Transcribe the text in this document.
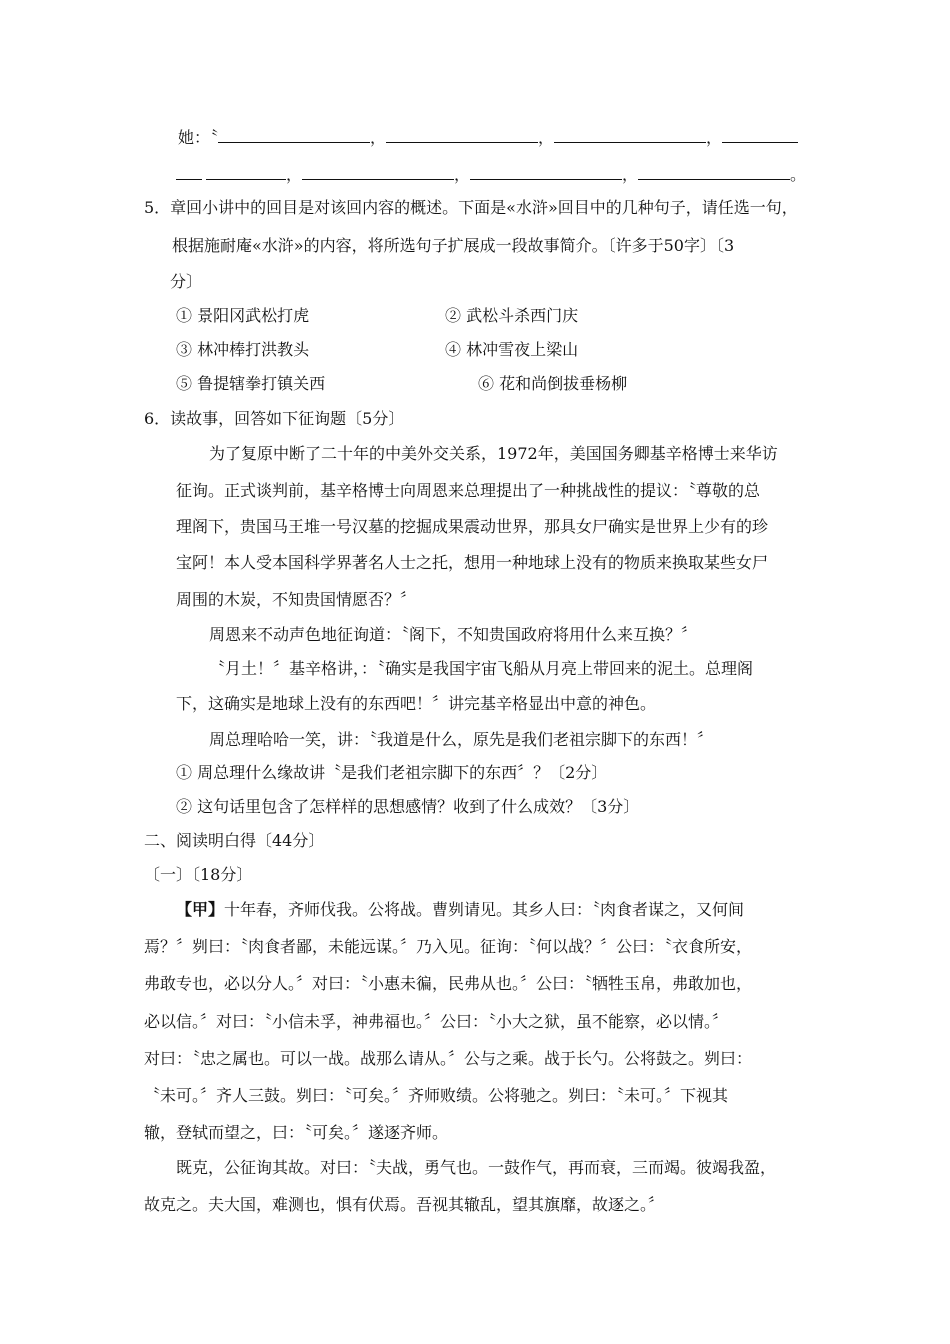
她：〝	，	，	，
，	，	，	。
5．章回小讲中的回目是对该回内容的概述。下面是«水浒»回目中的几种句子，请任选一句，
根据施耐庵«水浒»的内容，将所选句子扩展成一段故事简介。〔许多于50字〕〔3
分〕
① 景阳冈武松打虎	② 武松斗杀西门庆
③ 林冲棒打洪教头	④ 林冲雪夜上梁山
⑤ 鲁提辖拳打镇关西	⑥ 花和尚倒拔垂杨柳
6．读故事，回答如下征询题〔5分〕
为了复原中断了二十年的中美外交关系，1972年，美国国务卿基辛格博士来华访
征询。正式谈判前，基辛格博士向周恩来总理提出了一种挑战性的提议：〝尊敬的总
理阁下，贵国马王堆一号汉墓的挖掘成果震动世界，那具女尸确实是世界上少有的珍
宝阿！本人受本国科学界著名人士之托，想用一种地球上没有的物质来换取某些女尸
周围的木炭，不知贵国情愿否？〞
周恩来不动声色地征询道：〝阁下，不知贵国政府将用什么来互换？〞
〝月土！〞基辛格讲，：〝确实是我国宇宙飞船从月亮上带回来的泥土。总理阁
下，这确实是地球上没有的东西吧！〞讲完基辛格显出中意的神色。
周总理哈哈一笑，讲：〝我道是什么，原先是我们老祖宗脚下的东西！〞
① 周总理什么缘故讲〝是我们老祖宗脚下的东西〞？〔2分〕
② 这句话里包含了怎样样的思想感情？收到了什么成效？〔3分〕
二、阅读明白得〔44分〕
〔一〕〔18分〕
【甲】十年春，齐师伐我。公将战。曹刿请见。其乡人曰：〝肉食者谋之，又何间
焉？〞刿曰：〝肉食者鄙，未能远谋。〞乃入见。征询：〝何以战？〞公曰：〝衣食所安，
弗敢专也，必以分人。〞对曰：〝小惠未徧，民弗从也。〞公曰：〝牺牲玉帛，弗敢加也，
必以信。〞对曰：〝小信未孚，神弗福也。〞公曰：〝小大之狱，虽不能察，必以情。〞
对曰：〝忠之属也。可以一战。战那么请从。〞公与之乘。战于长勺。公将鼓之。刿曰：
〝未可。〞齐人三鼓。刿曰：〝可矣。〞齐师败绩。公将驰之。刿曰：〝未可。〞下视其
辙，登轼而望之，曰：〝可矣。〞遂逐齐师。
既克，公征询其故。对曰：〝夫战，勇气也。一鼓作气，再而衰，三而竭。彼竭我盈，
故克之。夫大国，难测也，惧有伏焉。吾视其辙乱，望其旗靡，故逐之。〞
